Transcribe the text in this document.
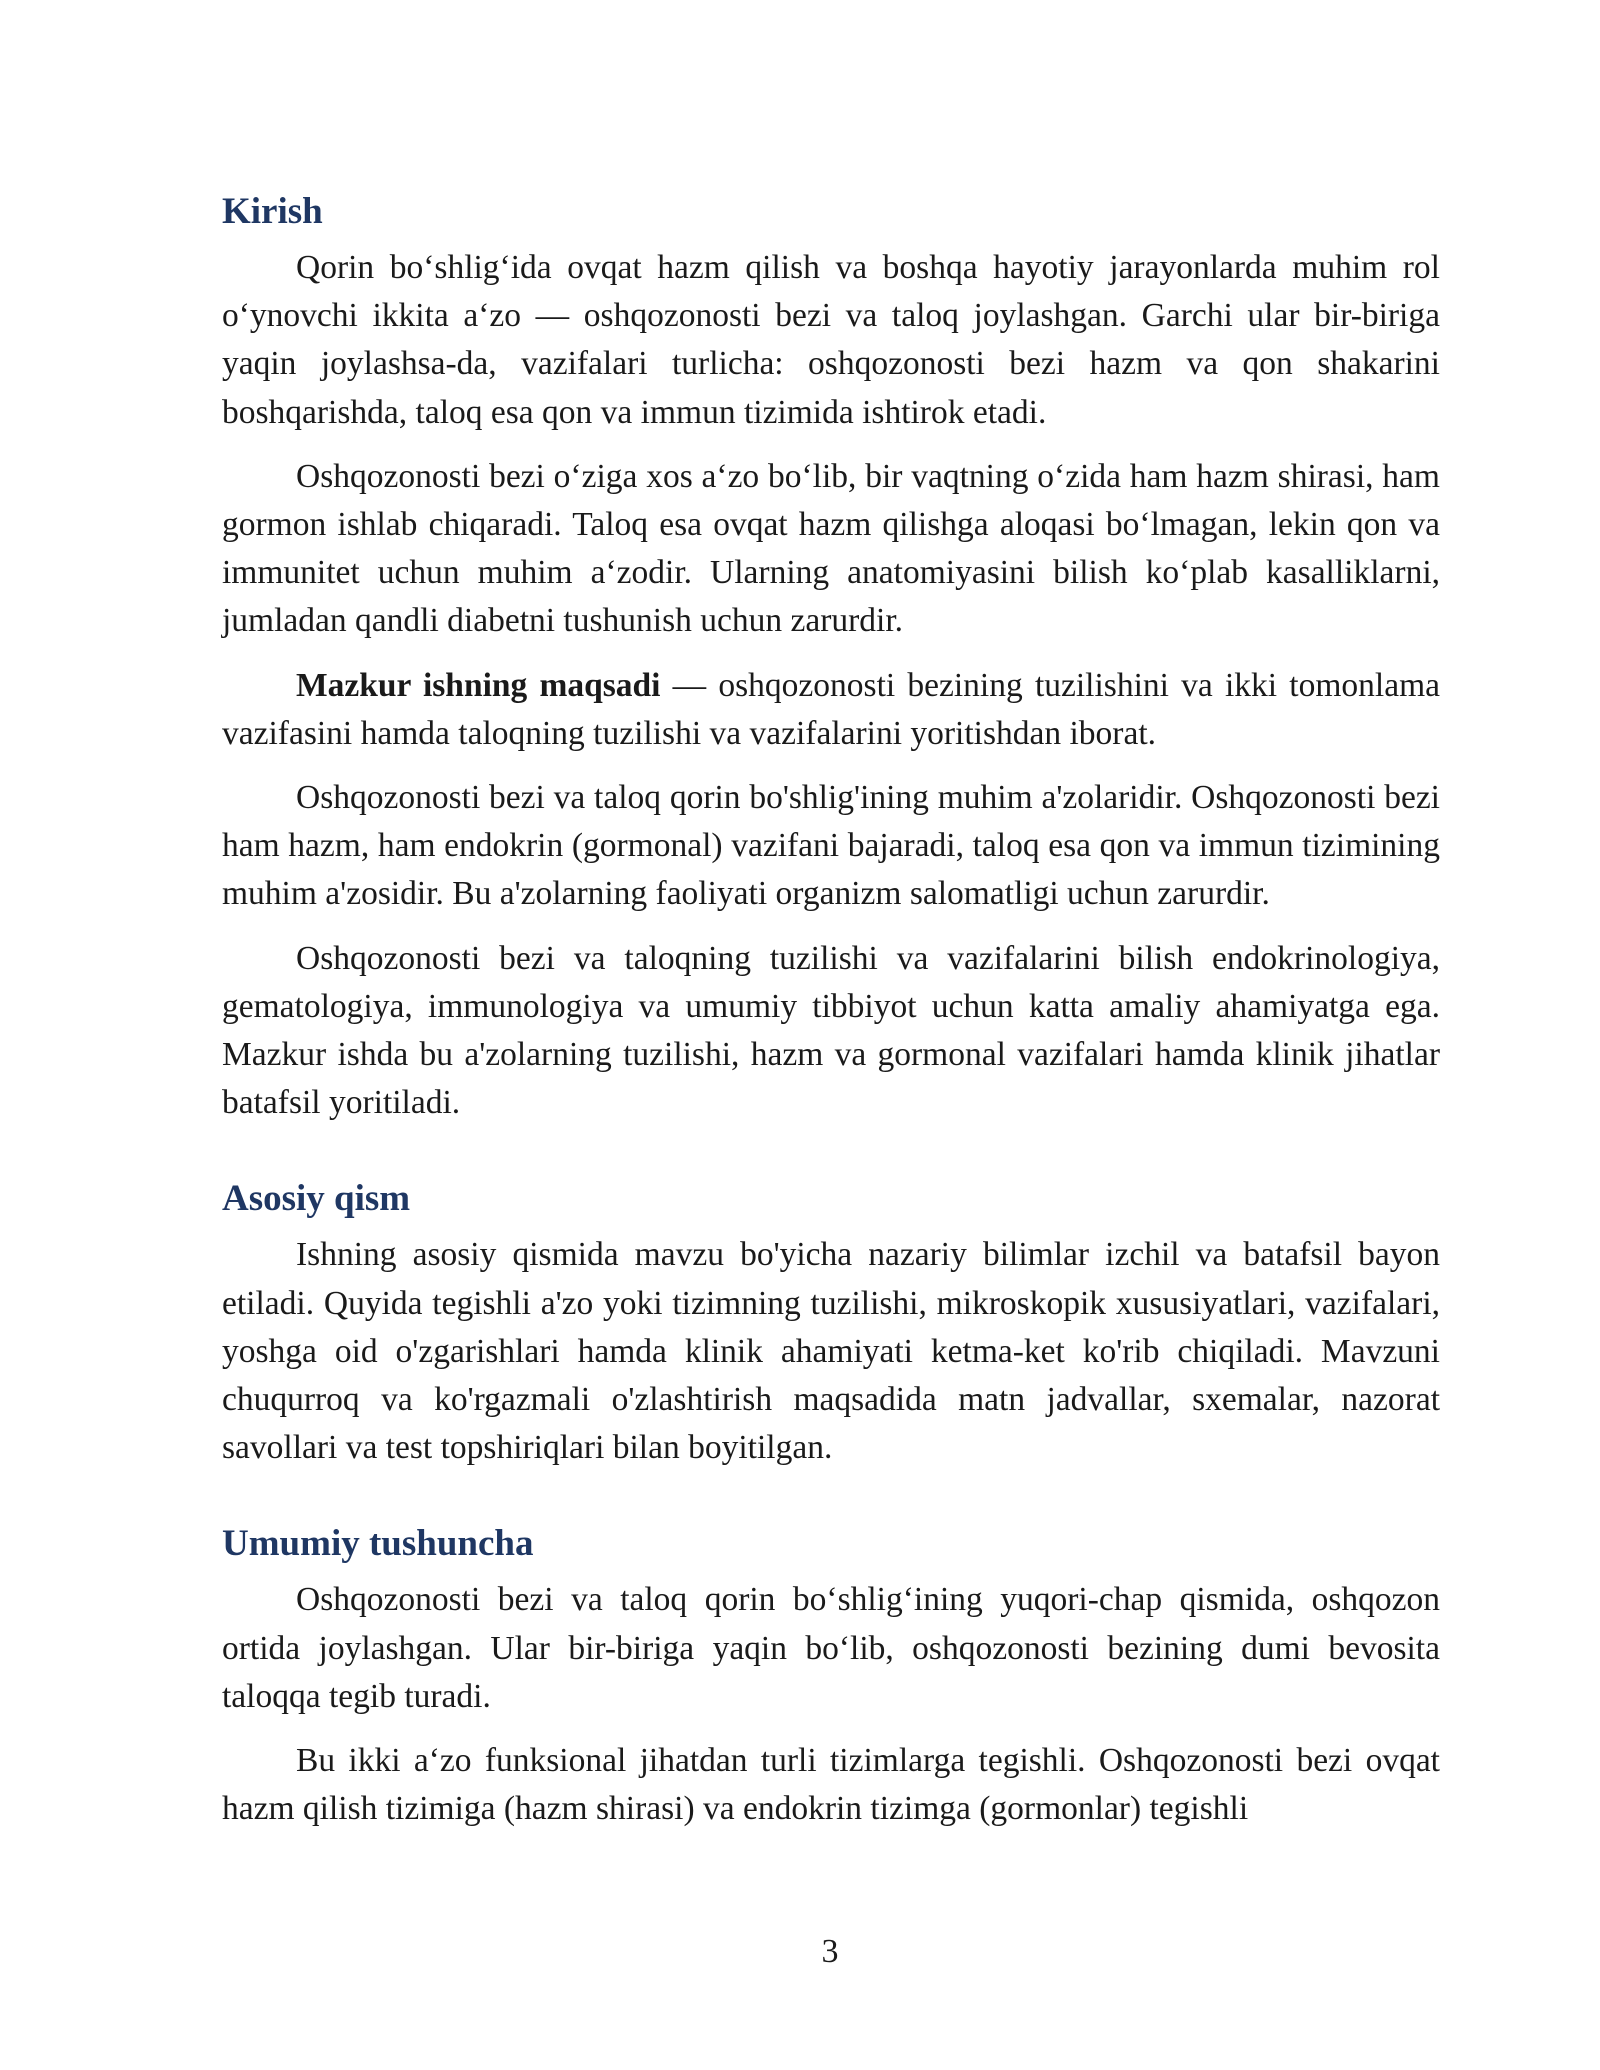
Kirish

Qorin bo‘shlig‘ida ovqat hazm qilish va boshqa hayotiy jarayonlarda muhim rol o‘ynovchi ikkita a‘zo — oshqozonosti bezi va taloq joylashgan. Garchi ular bir-biriga yaqin joylashsa-da, vazifalari turlicha: oshqozonosti bezi hazm va qon shakarini boshqarishda, taloq esa qon va immun tizimida ishtirok etadi.

Oshqozonosti bezi o‘ziga xos a‘zo bo‘lib, bir vaqtning o‘zida ham hazm shirasi, ham gormon ishlab chiqaradi. Taloq esa ovqat hazm qilishga aloqasi bo‘lmagan, lekin qon va immunitet uchun muhim a‘zodir. Ularning anatomiyasini bilish ko‘plab kasalliklarni, jumladan qandli diabetni tushunish uchun zarurdir.

Mazkur ishning maqsadi — oshqozonosti bezining tuzilishini va ikki tomonlama vazifasini hamda taloqning tuzilishi va vazifalarini yoritishdan iborat.

Oshqozonosti bezi va taloq qorin bo'shlig'ining muhim a'zolaridir. Oshqozonosti bezi ham hazm, ham endokrin (gormonal) vazifani bajaradi, taloq esa qon va immun tizimining muhim a'zosidir. Bu a'zolarning faoliyati organizm salomatligi uchun zarurdir.

Oshqozonosti bezi va taloqning tuzilishi va vazifalarini bilish endokrinologiya, gematologiya, immunologiya va umumiy tibbiyot uchun katta amaliy ahamiyatga ega. Mazkur ishda bu a'zolarning tuzilishi, hazm va gormonal vazifalari hamda klinik jihatlar batafsil yoritiladi.

Asosiy qism

Ishning asosiy qismida mavzu bo'yicha nazariy bilimlar izchil va batafsil bayon etiladi. Quyida tegishli a'zo yoki tizimning tuzilishi, mikroskopik xususiyatlari, vazifalari, yoshga oid o'zgarishlari hamda klinik ahamiyati ketma-ket ko'rib chiqiladi. Mavzuni chuqurroq va ko'rgazmali o'zlashtirish maqsadida matn jadvallar, sxemalar, nazorat savollari va test topshiriqlari bilan boyitilgan.

Umumiy tushuncha

Oshqozonosti bezi va taloq qorin bo‘shlig‘ining yuqori-chap qismida, oshqozon ortida joylashgan. Ular bir-biriga yaqin bo‘lib, oshqozonosti bezining dumi bevosita taloqqa tegib turadi.

Bu ikki a‘zo funksional jihatdan turli tizimlarga tegishli. Oshqozonosti bezi ovqat hazm qilish tizimiga (hazm shirasi) va endokrin tizimga (gormonlar) tegishli

3
